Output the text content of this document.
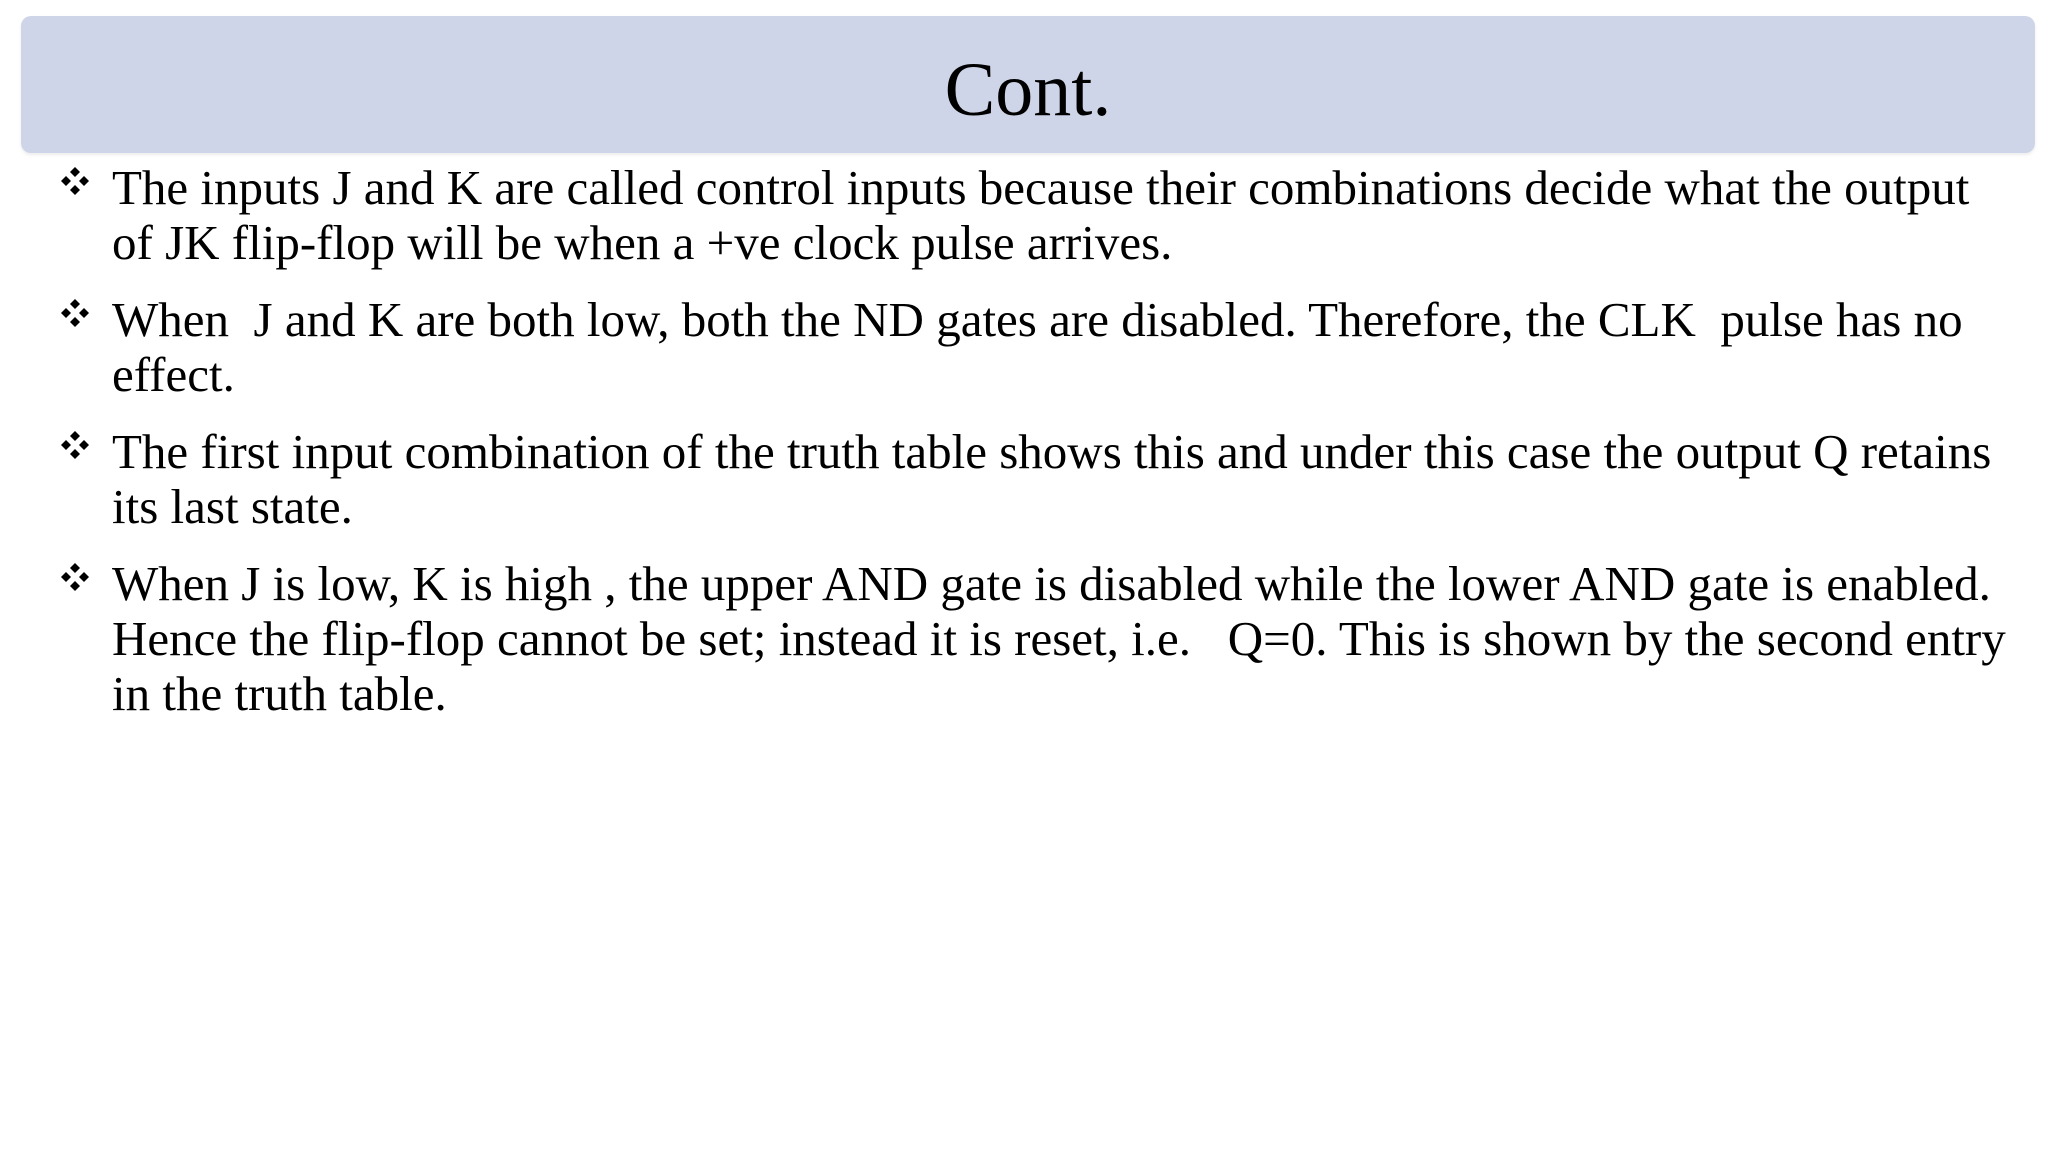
Cont.
The inputs J and K are called control inputs because their combinations decide what the output of JK flip-flop will be when a +ve clock pulse arrives.
When  J and K are both low, both the ND gates are disabled. Therefore, the CLK  pulse has no effect.
The first input combination of the truth table shows this and under this case the output Q retains its last state.
When J is low, K is high , the upper AND gate is disabled while the lower AND gate is enabled. Hence the flip-flop cannot be set; instead it is reset, i.e.   Q=0. This is shown by the second entry in the truth table.
